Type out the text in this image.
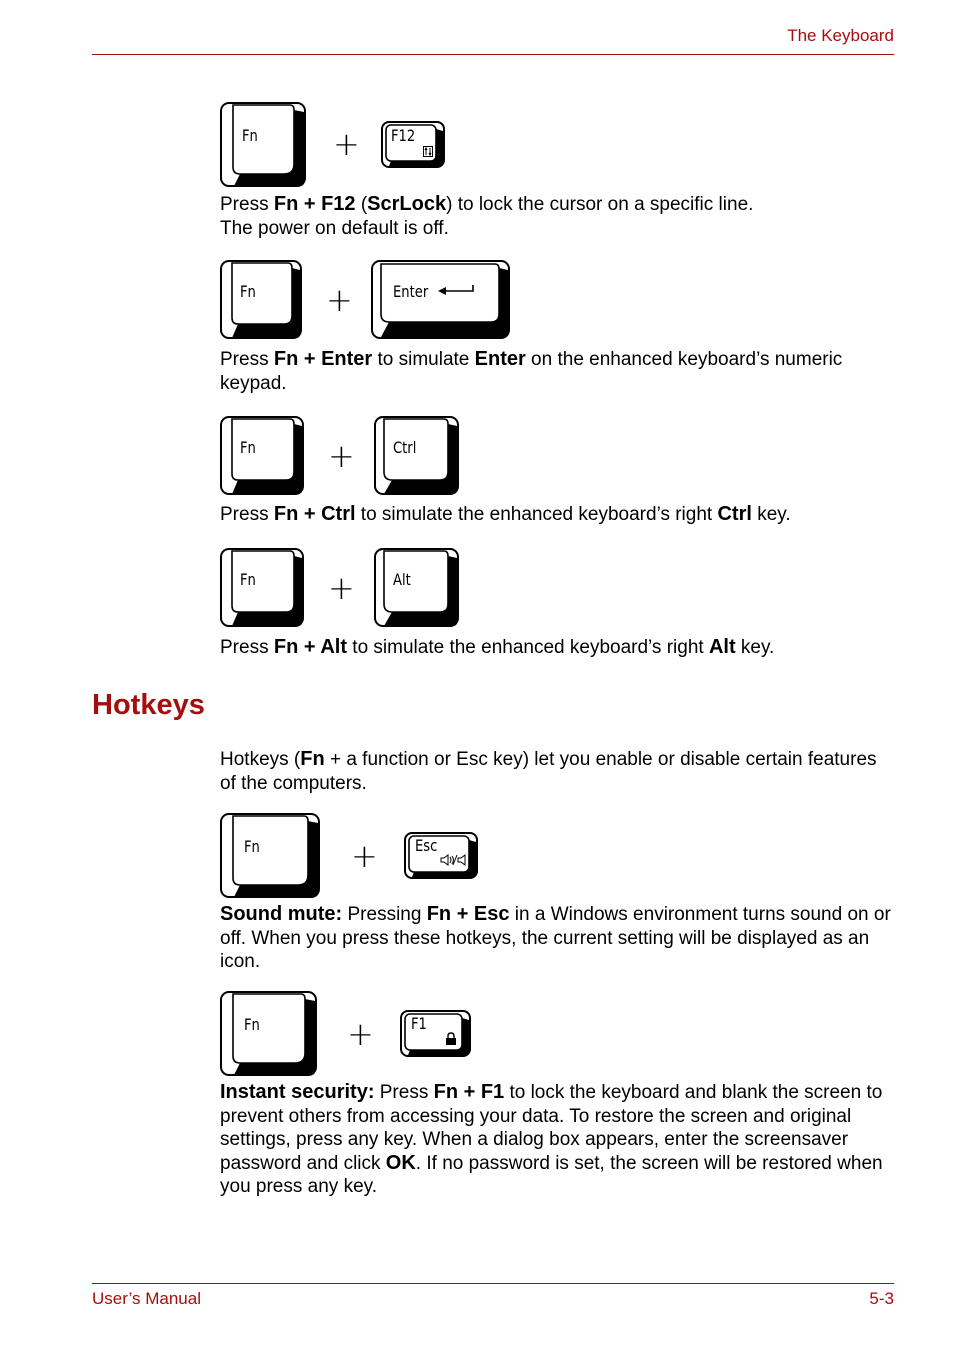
The Keyboard
Fn + F12
Press Fn + F12 (ScrLock) to lock the cursor on a specific line.
The power on default is off.
Fn +	Enter
Press Fn + Enter to simulate Enter on the enhanced keyboard’s numeric keypad.
Fn + Ctrl
Press Fn + Ctrl to simulate the enhanced keyboard’s right Ctrl key.
Fn + Alt
Press Fn + Alt to simulate the enhanced keyboard’s right Alt key.
Hotkeys
Hotkeys (Fn + a function or Esc key) let you enable or disable certain features of the computers.
Fn	+ Esc
Sound mute: Pressing Fn + Esc in a Windows environment turns sound on or off. When you press these hotkeys, the current setting will be displayed as an icon.
Fn	+ F1
Instant security: Press Fn + F1 to lock the keyboard and blank the screen to prevent others from accessing your data. To restore the screen and original settings, press any key. When a dialog box appears, enter the screensaver password and click OK. If no password is set, the screen will be restored when you press any key.
User’s Manual	5-3
